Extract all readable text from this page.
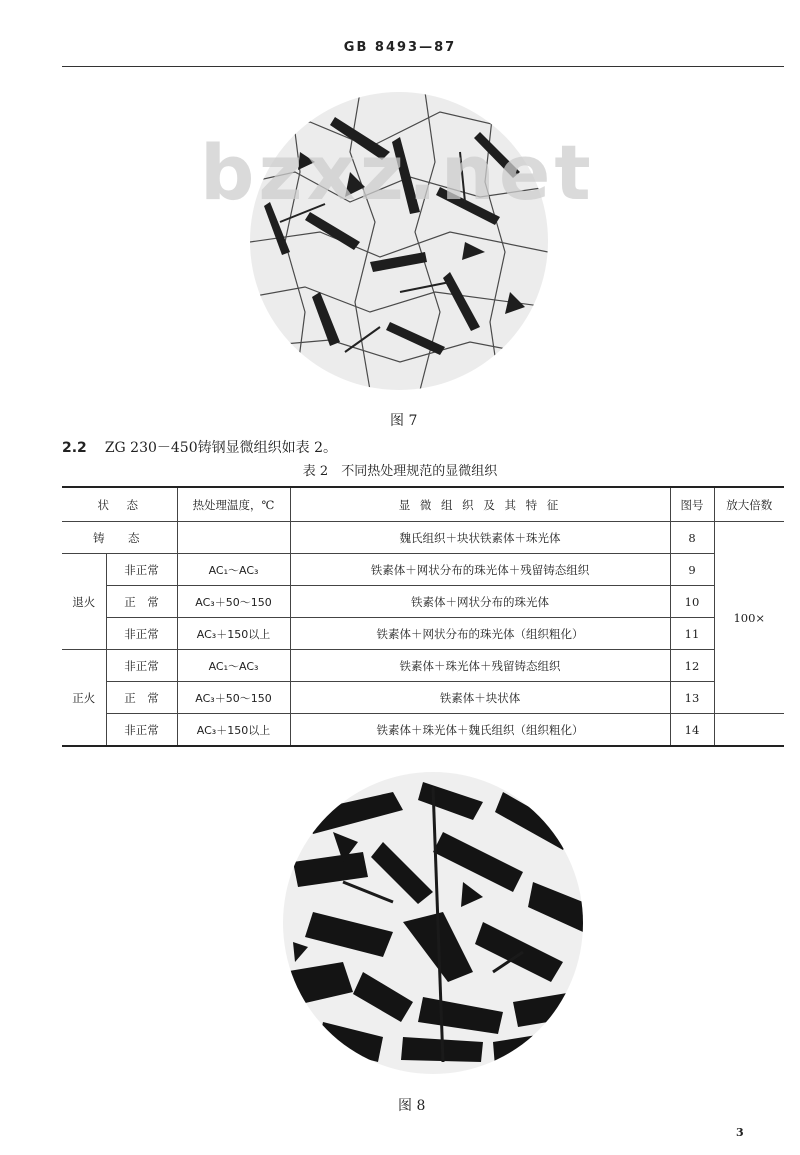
GB 8493—87
bzxz.net
图 7
2.2 ZG 230－450铸钢显微组织如表 2。
表 2　不同热处理规范的显微组织
状　态		热处理温度，℃	显 微 组 织 及 其 特 征	图号	放大倍数
铸　态			魏氏组织＋块状铁素体＋珠光体	8	100×
退火	非正常	AC₁～AC₃	铁素体＋网状分布的珠光体＋残留铸态组织	9	
	正　常	AC₃＋50～150	铁素体＋网状分布的珠光体	10	
	非正常	AC₃＋150以上	铁素体＋网状分布的珠光体（组织粗化）	11	
正火	非正常	AC₁～AC₃	铁素体＋珠光体＋残留铸态组织	12	
	正　常	AC₃＋50～150	铁素体＋块状体	13	
	非正常	AC₃＋150以上	铁素体＋珠光体＋魏氏组织（组织粗化）	14	
图 8
3
